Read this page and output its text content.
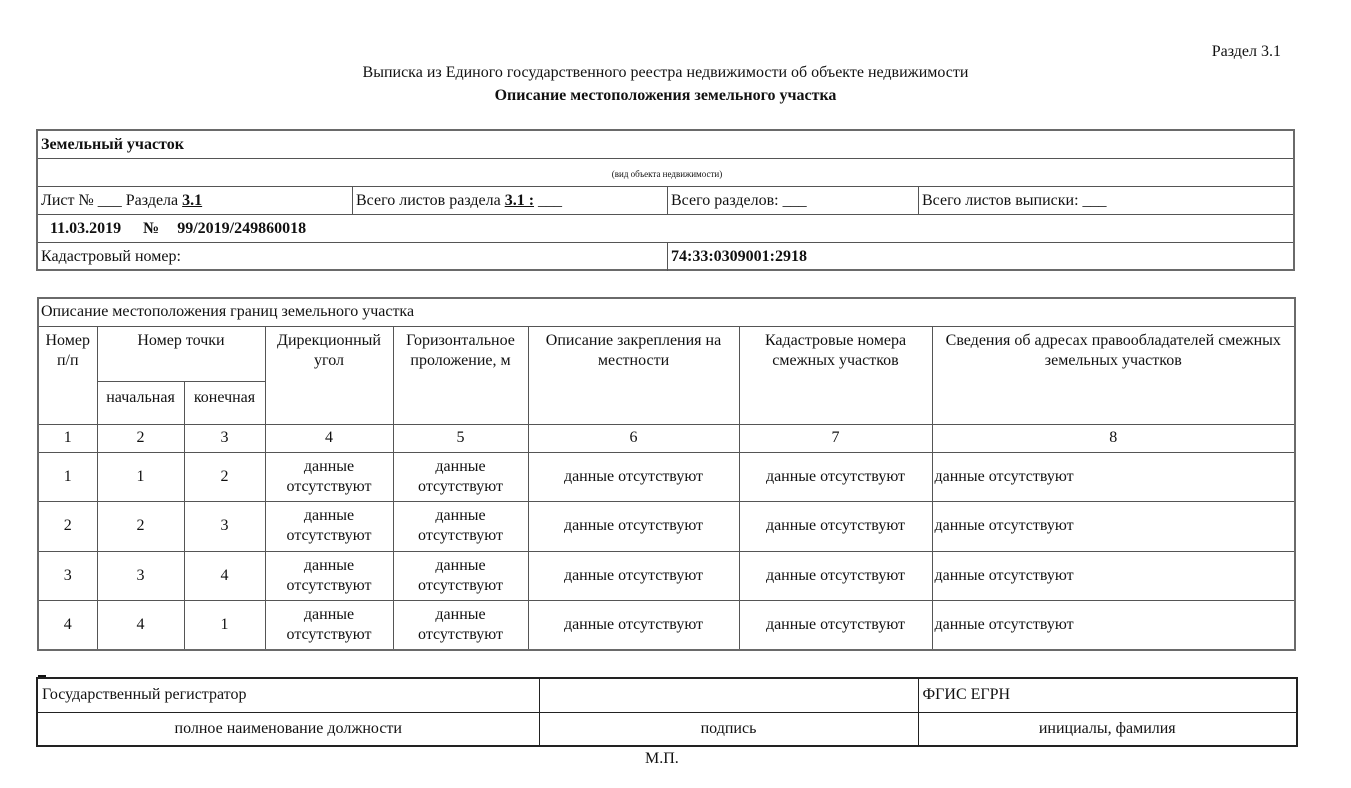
Раздел 3.1
Выписка из Единого государственного реестра недвижимости об объекте недвижимости
Описание местоположения земельного участка
Земельный участок
(вид объекта недвижимости)
Лист № ___ Раздела 3.1	Всего листов раздела 3.1 : ___	Всего разделов: ___	Всего листов выписки: ___
11.03.2019 № 99/2019/249860018
Кадастровый номер:	74:33:0309001:2918
Описание местоположения границ земельного участка							
Номер п/п	Номер точки		Дирекционный угол	Горизонтальное проложение, м	Описание закрепления на местности	Кадастровые номера смежных участков	Сведения об адресах правообладателей смежных земельных участков
	начальная	конечная					
1	2	3	4	5	6	7	8
1	1	2	данные отсутствуют	данные отсутствуют	данные отсутствуют	данные отсутствуют	данные отсутствуют
2	2	3	данные отсутствуют	данные отсутствуют	данные отсутствуют	данные отсутствуют	данные отсутствуют
3	3	4	данные отсутствуют	данные отсутствуют	данные отсутствуют	данные отсутствуют	данные отсутствуют
4	4	1	данные отсутствуют	данные отсутствуют	данные отсутствуют	данные отсутствуют	данные отсутствуют
Государственный регистратор		ФГИС ЕГРН
полное наименование должности	подпись	инициалы, фамилия
М.П.
